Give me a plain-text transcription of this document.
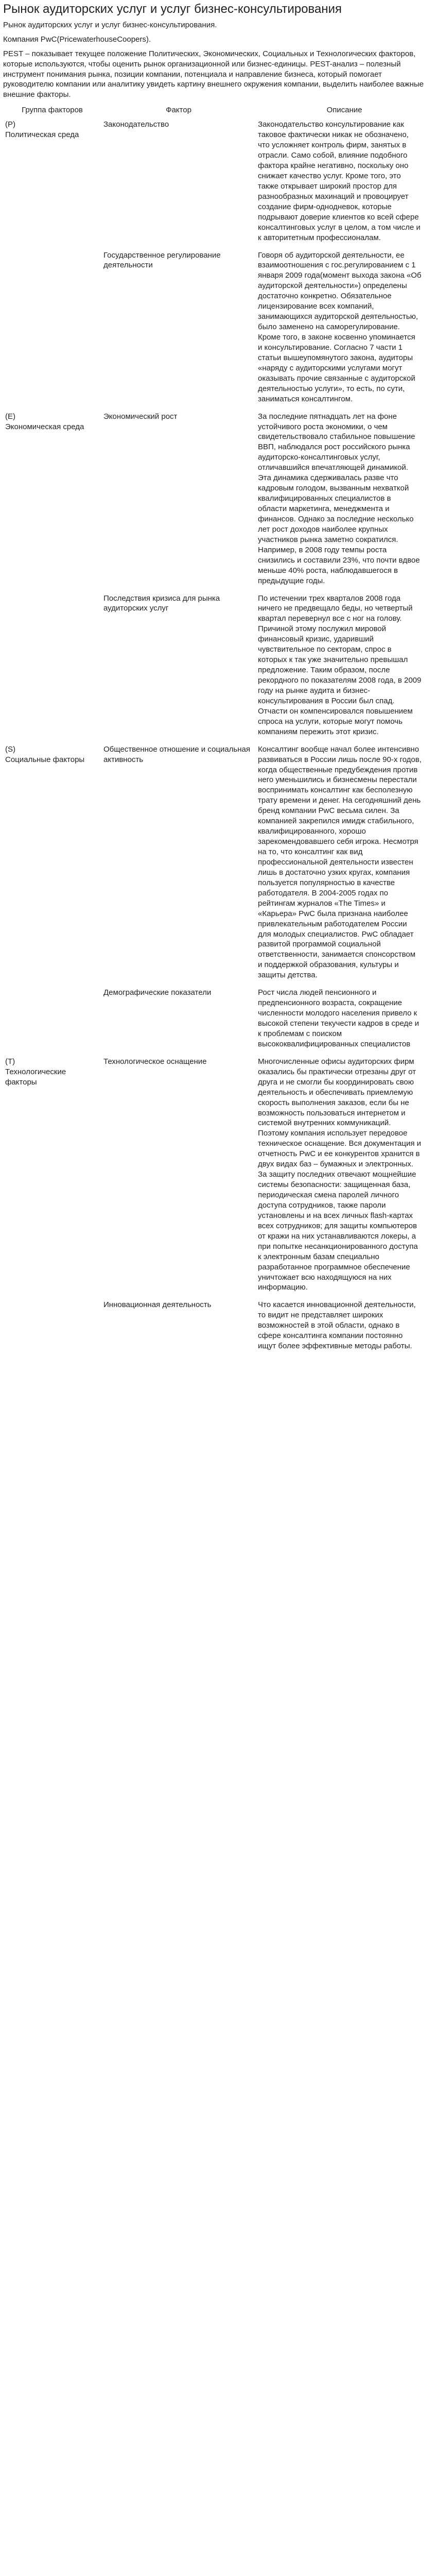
Рынок аудиторских услуг и услуг бизнес-консультирования

Рынок аудиторских услуг и услуг бизнес-консультирования.

Компания PwC(PricewaterhouseCoopers).

PEST – показывает текущее положение Политических, Экономических, Социальных и Технологических факторов, которые используются, чтобы оценить рынок организационной или бизнес-единицы. PEST-анализ – полезный инструмент понимания рынка, позиции компании, потенциала и направление бизнеса, который помогает руководителю компании или аналитику увидеть картину внешнего окружения компании, выделить наиболее важные внешние факторы.

Группа факторов	Фактор	Описание

(P)
Политическая среда	Законодательство	Законодательство консультирование как таковое фактически никак не обозначено, что усложняет контроль фирм, занятых в отрасли. Само собой, влияние подобного фактора крайне негативно, поскольку оно снижает качество услуг. Кроме того, это также открывает широкий простор для разнообразных махинаций и провоцирует создание фирм-однодневок, которые подрывают доверие клиентов ко всей сфере консалтинговых услуг в целом, а том числе и к авторитетным профессионалам.

	Государственное регулирование деятельности	Говоря об аудиторской деятельности, ее взаимоотношения с гос.регулированием с 1 января 2009 года(момент выхода закона «Об аудиторской деятельности») определены достаточно конкретно. Обязательное лицензирование всех компаний, занимающихся аудиторской деятельностью, было заменено на саморегулирование. Кроме того, в законе косвенно упоминается и консультирование. Согласно 7 части 1 статьи вышеупомянутого закона, аудиторы «наряду с аудиторскими услугами могут оказывать прочие связанные с аудиторской деятельностью услуги», то есть, по сути, заниматься консалтингом.

(E)
Экономическая среда	Экономический рост	За последние пятнадцать лет на фоне устойчивого роста экономики, о чем свидетельствовало стабильное повышение ВВП, наблюдался рост российского рынка аудиторско-консалтинговых услуг, отличавшийся впечатляющей динамикой. Эта динамика сдерживалась разве что кадровым голодом, вызванным нехваткой квалифицированных специалистов в области маркетинга, менеджмента и финансов. Однако за последние несколько лет рост доходов наиболее крупных участников рынка заметно сократился. Например, в 2008 году темпы роста снизились и составили 23%, что почти вдвое меньше 40% роста, наблюдавшегося в предыдущие годы.

	Последствия кризиса для рынка аудиторских услуг	По истечении трех кварталов 2008 года ничего не предвещало беды, но четвертый квартал перевернул все с ног на голову. Причиной этому послужил мировой финансовый кризис, ударивший чувствительное по секторам, спрос в которых к так уже значительно превышал предложение. Таким образом, после рекордного по показателям 2008 года, в 2009 году на рынке аудита и бизнес-консультирования в России был спад. Отчасти он компенсировался повышением спроса на услуги, которые могут помочь компаниям пережить этот кризис.

(S)
Социальные факторы	Общественное отношение и социальная активность	Консалтинг вообще начал более интенсивно развиваться в России лишь после 90-х годов, когда общественные предубеждения против него уменьшились и бизнесмены перестали воспринимать консалтинг как бесполезную трату времени и денег. На сегодняшний день бренд компании PwC весьма силен. За компанией закрепился имидж стабильного, квалифицированного, хорошо зарекомендовавшего себя игрока. Несмотря на то, что консалтинг как вид профессиональной деятельности известен лишь в достаточно узких кругах, компания пользуется популярностью в качестве работодателя. В 2004-2005 годах по рейтингам журналов «The Times» и «Карьера» PwC была признана наиболее привлекательным работодателем России для молодых специалистов. PwC обладает развитой программой социальной ответственности, занимается спонсорством и поддержкой образования, культуры и защиты детства.

	Демографические показатели	Рост числа людей пенсионного и предпенсионного возраста, сокращение численности молодого населения привело к высокой степени текучести кадров в среде и к проблемам с поиском высококвалифицированных специалистов

(T)
Технологические факторы	Технологическое оснащение	Многочисленные офисы аудиторских фирм оказались бы практически отрезаны друг от друга и не смогли бы координировать свою деятельность и обеспечивать приемлемую скорость выполнения заказов, если бы не возможность пользоваться интернетом и системой внутренних коммуникаций. Поэтому компания использует передовое техническое оснащение. Вся документация и отчетность PwC и ее конкурентов хранится в двух видах баз – бумажных и электронных. За защиту последних отвечают мощнейшие системы безопасности: защищенная база, периодическая смена паролей личного доступа сотрудников, также пароли установлены и на всех личных flash-картах всех сотрудников; для защиты компьютеров от кражи на них устанавливаются локеры, а при попытке несанкционированного доступа к электронным базам специально разработанное программное обеспечение уничтожает всю находящуюся на них информацию.

	Инновационная деятельность	Что касается инновационной деятельности, то видит не представляет широких возможностей в этой области, однако в сфере консалтинга компании постоянно ищут более эффективные методы работы.
